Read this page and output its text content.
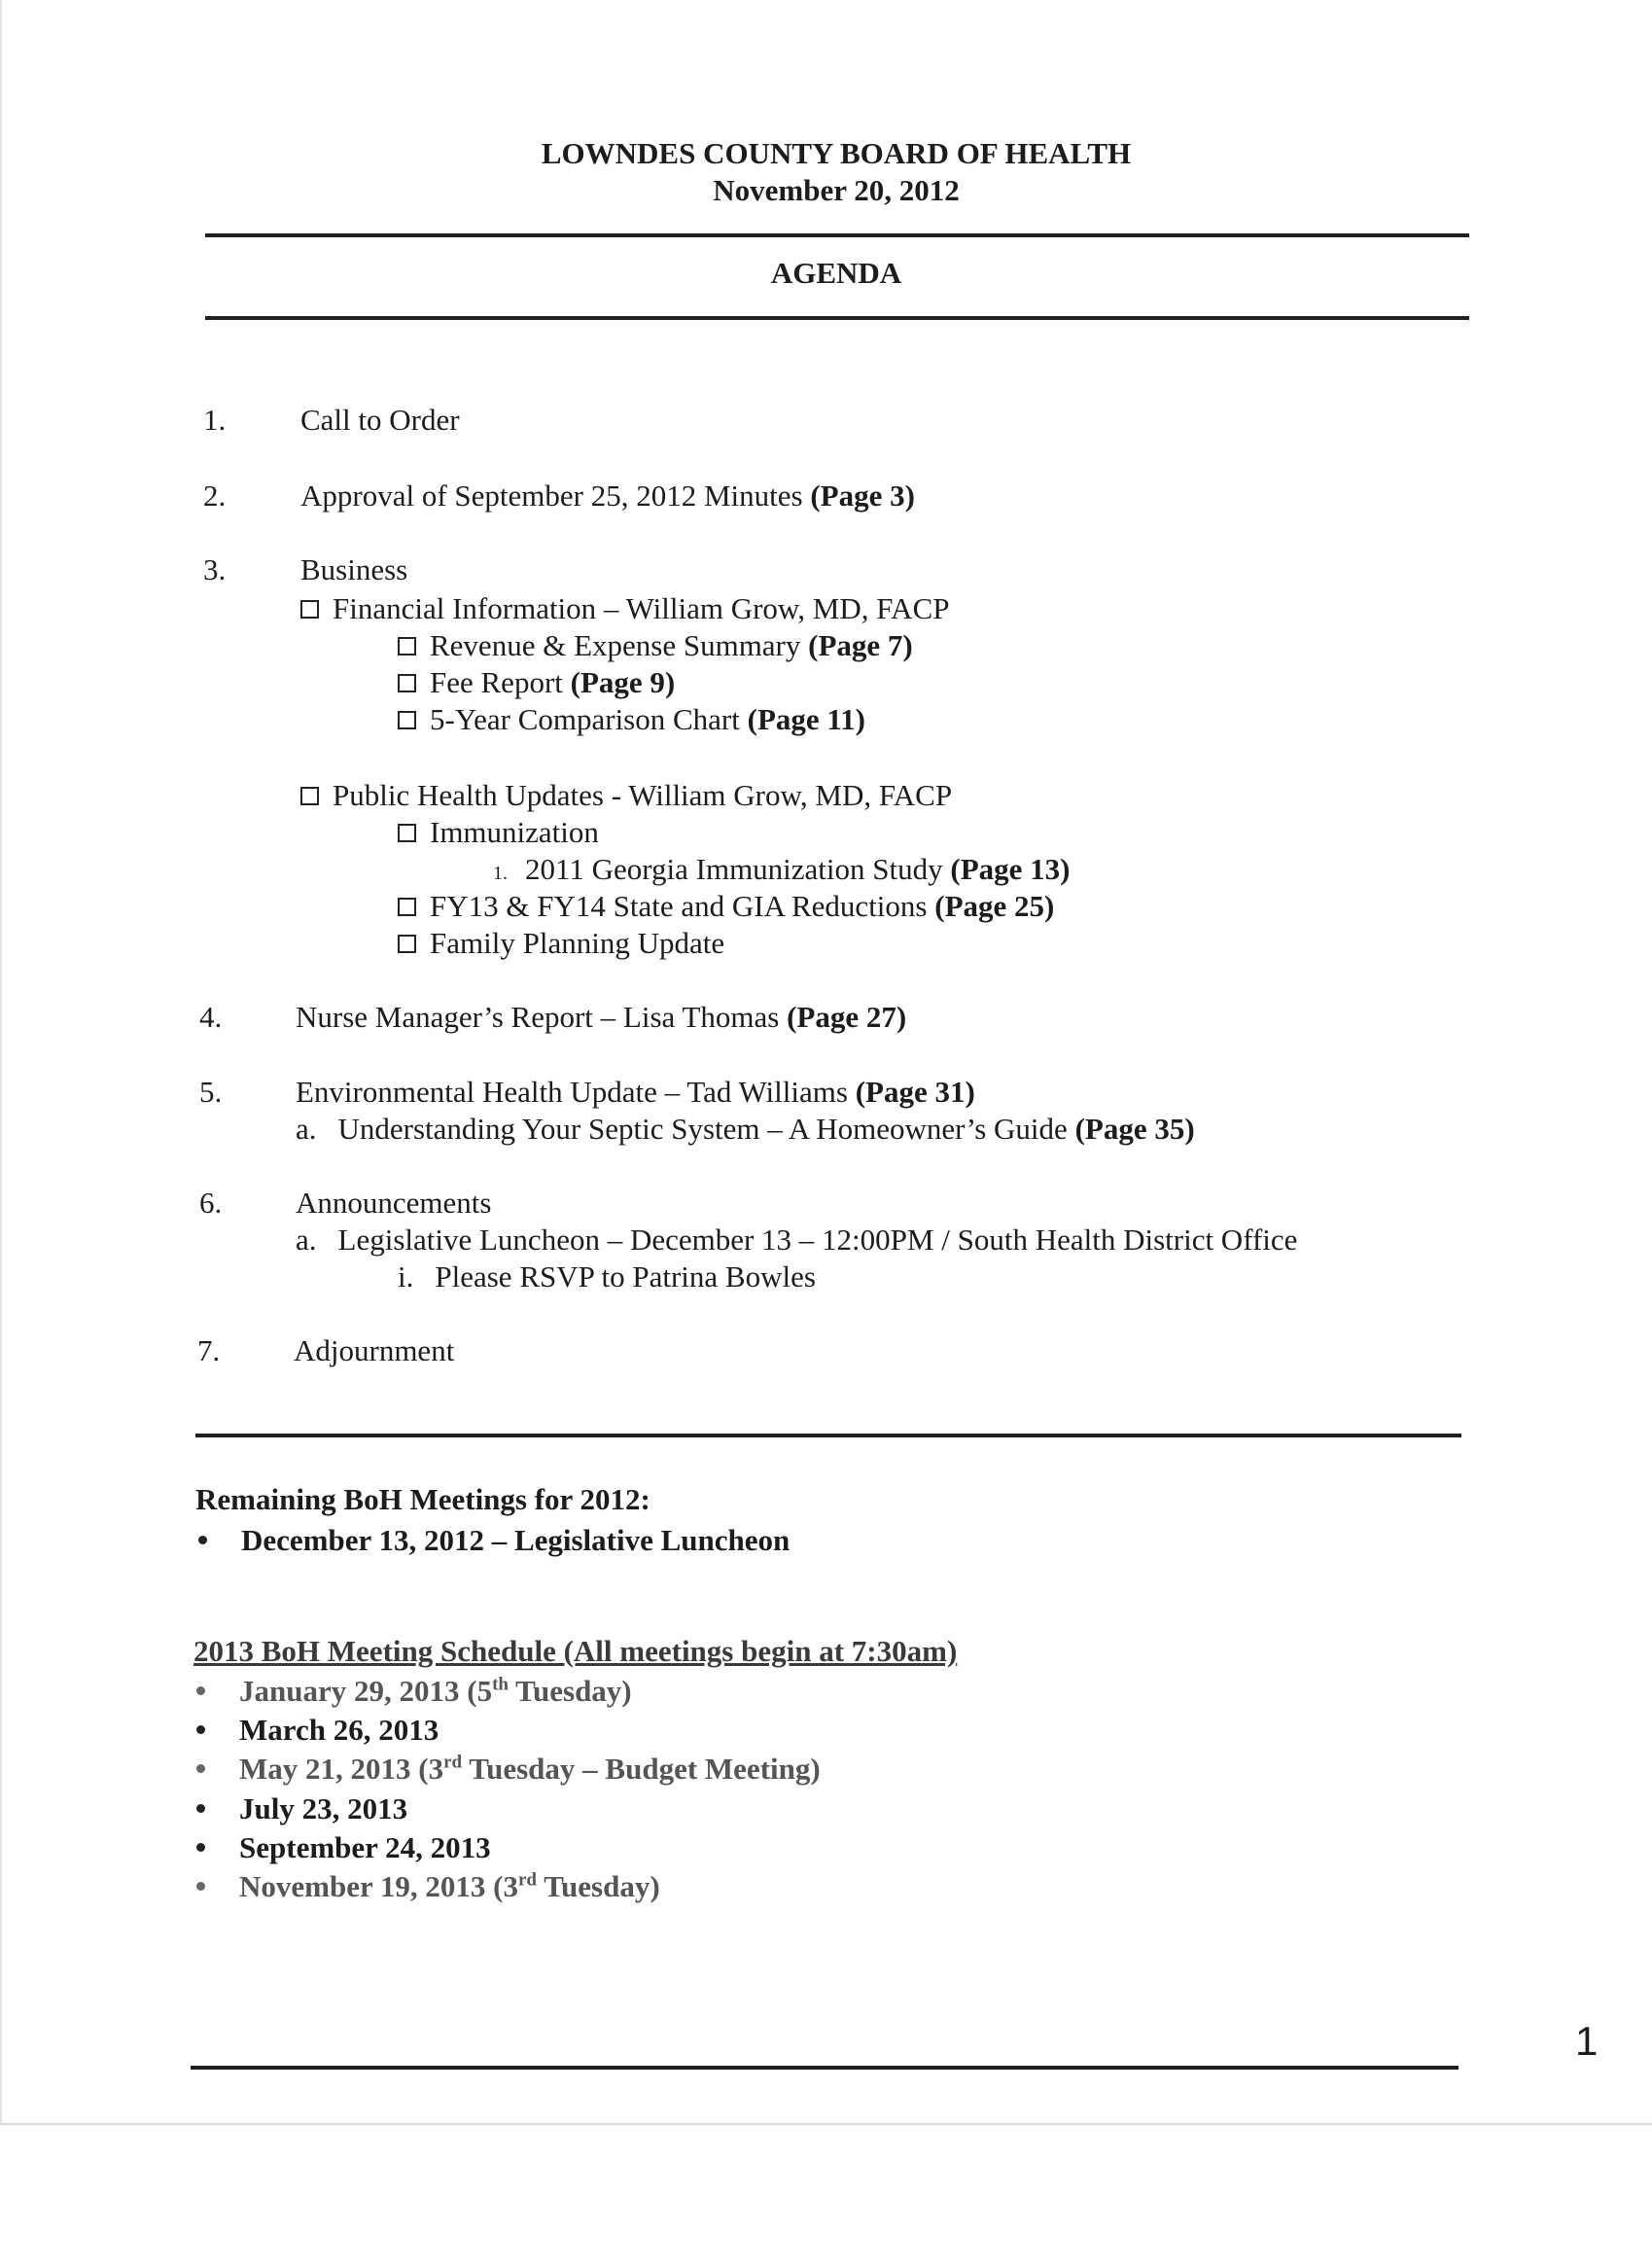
LOWNDES COUNTY BOARD OF HEALTH
November 20, 2012
AGENDA
1. Call to Order
2. Approval of September 25, 2012 Minutes (Page 3)
3. Business
Financial Information – William Grow, MD, FACP
Revenue & Expense Summary (Page 7)
Fee Report (Page 9)
5-Year Comparison Chart (Page 11)
Public Health Updates - William Grow, MD, FACP
Immunization
1. 2011 Georgia Immunization Study (Page 13)
FY13 & FY14 State and GIA Reductions (Page 25)
Family Planning Update
4. Nurse Manager’s Report – Lisa Thomas (Page 27)
5. Environmental Health Update – Tad Williams (Page 31)
a. Understanding Your Septic System – A Homeowner’s Guide (Page 35)
6. Announcements
a. Legislative Luncheon – December 13 – 12:00PM / South Health District Office
i. Please RSVP to Patrina Bowles
7. Adjournment
Remaining BoH Meetings for 2012:
December 13, 2012 – Legislative Luncheon
2013 BoH Meeting Schedule (All meetings begin at 7:30am)
January 29, 2013 (5th Tuesday)
March 26, 2013
May 21, 2013 (3rd Tuesday – Budget Meeting)
July 23, 2013
September 24, 2013
November 19, 2013 (3rd Tuesday)
1
